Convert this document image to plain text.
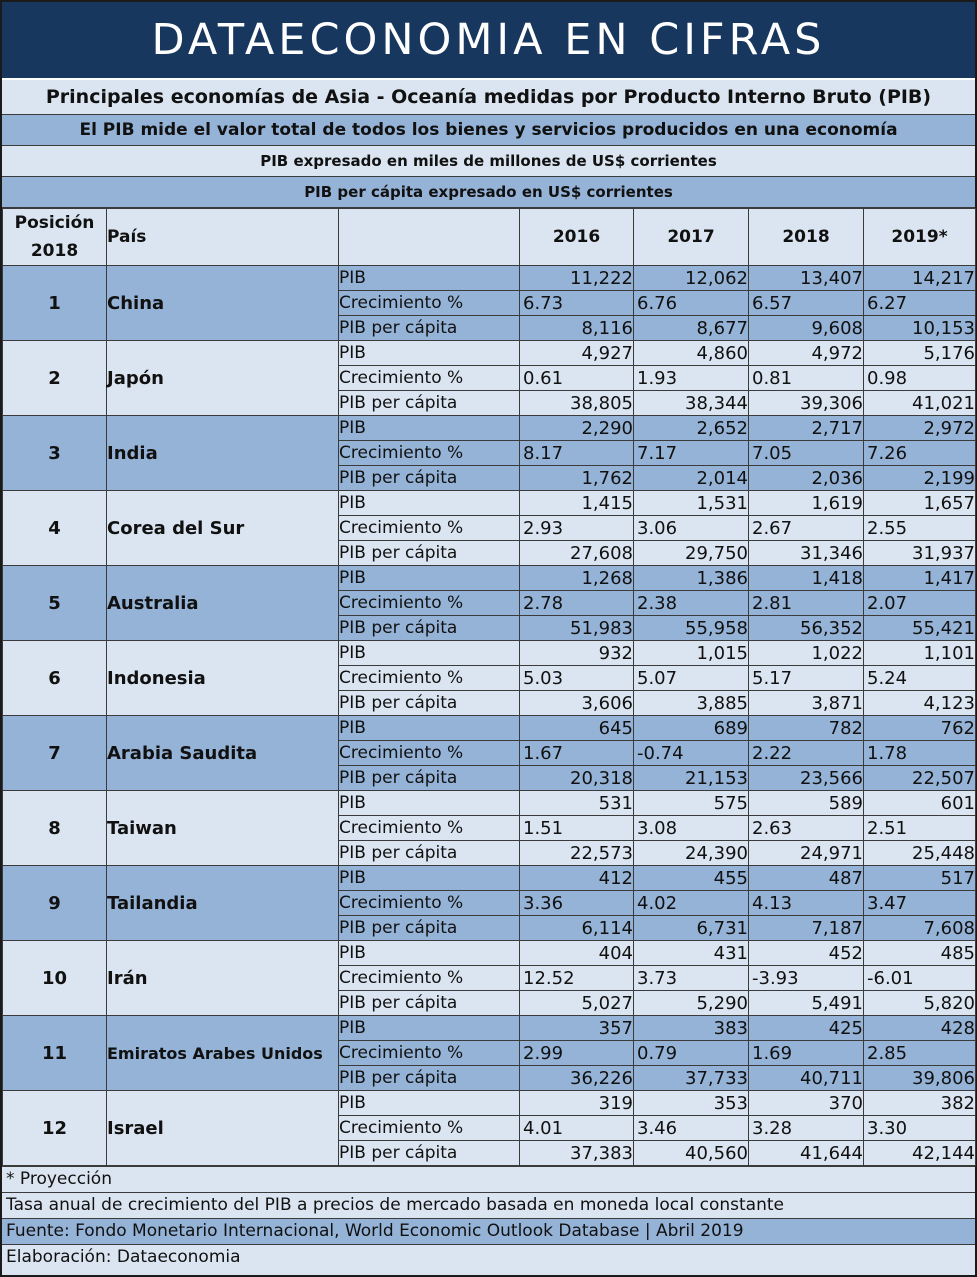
DATAECONOMIA EN CIFRAS
Principales economías de Asia - Oceanía medidas por Producto Interno Bruto (PIB)
El PIB mide el valor total de todos los bienes y servicios producidos en una economía
PIB expresado en miles de millones de US$ corrientes
PIB per cápita expresado en US$ corrientes
Posición 2018	País		2016	2017	2018	2019*
1	China	PIB	11,222	12,062	13,407	14,217
		Crecimiento %	6.73	6.76	6.57	6.27
		PIB per cápita	8,116	8,677	9,608	10,153
2	Japón	PIB	4,927	4,860	4,972	5,176
		Crecimiento %	0.61	1.93	0.81	0.98
		PIB per cápita	38,805	38,344	39,306	41,021
3	India	PIB	2,290	2,652	2,717	2,972
		Crecimiento %	8.17	7.17	7.05	7.26
		PIB per cápita	1,762	2,014	2,036	2,199
4	Corea del Sur	PIB	1,415	1,531	1,619	1,657
		Crecimiento %	2.93	3.06	2.67	2.55
		PIB per cápita	27,608	29,750	31,346	31,937
5	Australia	PIB	1,268	1,386	1,418	1,417
		Crecimiento %	2.78	2.38	2.81	2.07
		PIB per cápita	51,983	55,958	56,352	55,421
6	Indonesia	PIB	932	1,015	1,022	1,101
		Crecimiento %	5.03	5.07	5.17	5.24
		PIB per cápita	3,606	3,885	3,871	4,123
7	Arabia Saudita	PIB	645	689	782	762
		Crecimiento %	1.67	-0.74	2.22	1.78
		PIB per cápita	20,318	21,153	23,566	22,507
8	Taiwan	PIB	531	575	589	601
		Crecimiento %	1.51	3.08	2.63	2.51
		PIB per cápita	22,573	24,390	24,971	25,448
9	Tailandia	PIB	412	455	487	517
		Crecimiento %	3.36	4.02	4.13	3.47
		PIB per cápita	6,114	6,731	7,187	7,608
10	Irán	PIB	404	431	452	485
		Crecimiento %	12.52	3.73	-3.93	-6.01
		PIB per cápita	5,027	5,290	5,491	5,820
11	Emiratos Arabes Unidos	PIB	357	383	425	428
		Crecimiento %	2.99	0.79	1.69	2.85
		PIB per cápita	36,226	37,733	40,711	39,806
12	Israel	PIB	319	353	370	382
		Crecimiento %	4.01	3.46	3.28	3.30
		PIB per cápita	37,383	40,560	41,644	42,144
* Proyección
Tasa anual de crecimiento del PIB a precios de mercado basada en moneda local constante
Fuente: Fondo Monetario Internacional, World Economic Outlook Database | Abril 2019
Elaboración: Dataeconomia
